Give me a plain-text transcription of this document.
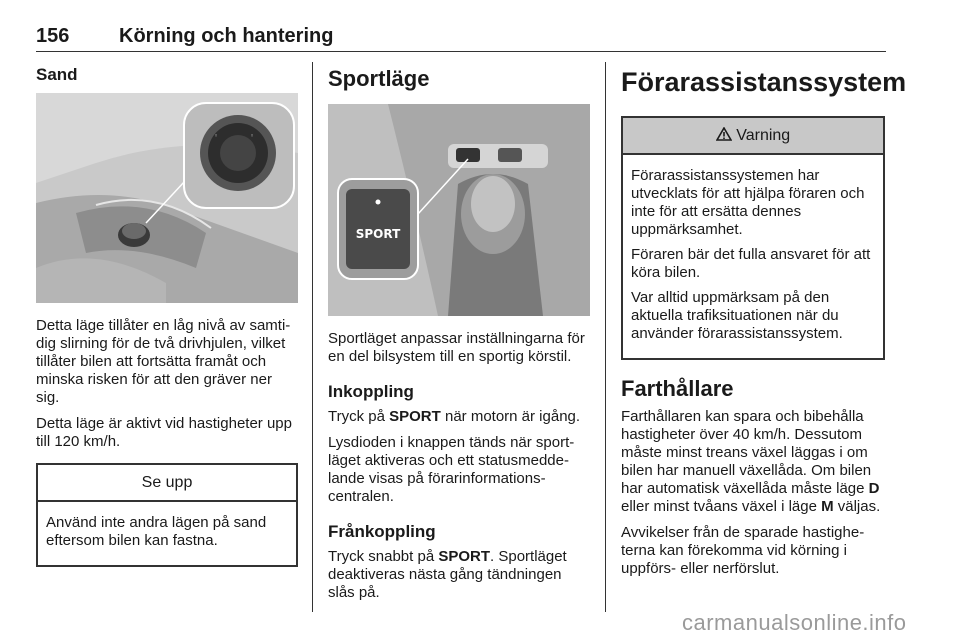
156 Körning och hantering
Sand
◦	◦

Detta läge tillåter en låg nivå av samtidig slirning för de två drivhjulen, vilket tillåter bilen att fortsätta framåt och minska risken för att den gräver ner sig.

Detta läge är aktivt vid hastigheter upp till 120 km/h.

Se upp

Använd inte andra lägen på sand eftersom bilen kan fastna.

Sportläge
SPORT

Sportläget anpassar inställningarna för en del bilsystem till en sportig körstil.

Inkoppling

Tryck på SPORT när motorn är igång.

Lysdioden i knappen tänds när sportläget aktiveras och ett statusmeddelande visas på förarinformationscentralen.

Frånkoppling

Tryck snabbt på SPORT. Sportläget deaktiveras nästa gång tändningen slås på.

Förarassistanssystem
Varning

Förarassistanssystemen har utvecklats för att hjälpa föraren och inte för att ersätta dennes uppmärksamhet.

Föraren bär det fulla ansvaret för att köra bilen.

Var alltid uppmärksam på den aktuella trafiksituationen när du använder förarassistanssystem.

Farthållare

Farthållaren kan spara och bibehålla hastigheter över 40 km/h. Dessutom måste minst treans växel läggas i om bilen har manuell växellåda. Om bilen har automatisk växellåda måste läge D eller minst tvåans växel i läge M väljas.

Avvikelser från de sparade hastigheterna kan förekomma vid körning i uppförs- eller nerförslut.

carmanualsonline.info
